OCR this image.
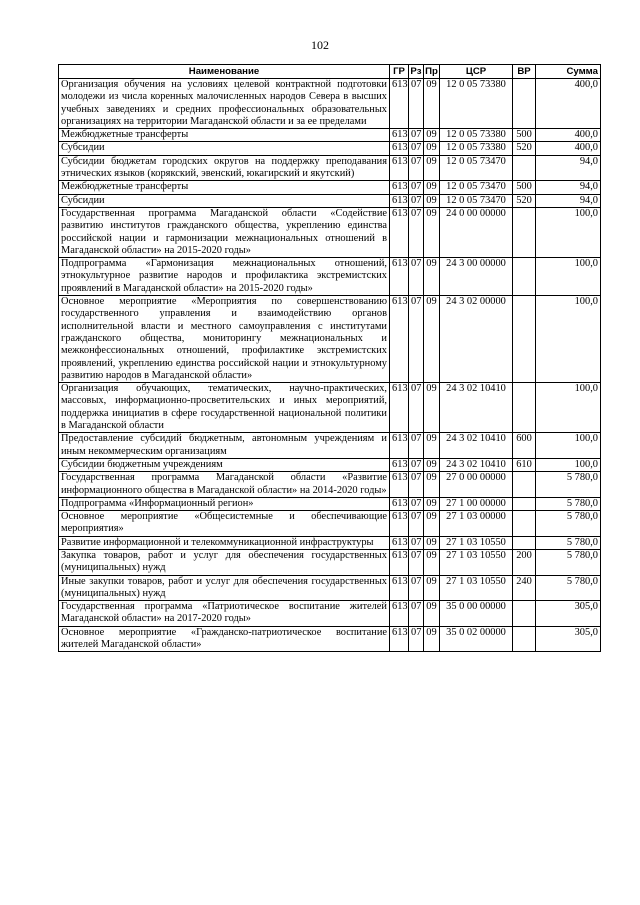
102
Наименование	ГР	Рз	Пр	ЦСР	ВР	Сумма
Организация обучения на условиях целевой контрактной подготовки молодежи из числа коренных малочисленных народов Севера в высших учебных заведениях и средних профессиональных образовательных организациях на территории Магаданской области и за ее пределами	613	07	09	12 0 05 73380		400,0
Межбюджетные трансферты	613	07	09	12 0 05 73380	500	400,0
Субсидии	613	07	09	12 0 05 73380	520	400,0
Субсидии бюджетам городских округов на поддержку преподавания этнических языков (корякский, эвенский, юкагирский и якутский)	613	07	09	12 0 05 73470		94,0
Межбюджетные трансферты	613	07	09	12 0 05 73470	500	94,0
Субсидии	613	07	09	12 0 05 73470	520	94,0
Государственная программа Магаданской области «Содействие развитию институтов гражданского общества, укреплению единства российской нации и гармонизации межнациональных отношений в Магаданской области» на 2015-2020 годы»	613	07	09	24 0 00 00000		100,0
Подпрограмма «Гармонизация межнациональных отношений, этнокультурное развитие народов и профилактика экстремистских проявлений в Магаданской области» на 2015-2020 годы»	613	07	09	24 3 00 00000		100,0
Основное мероприятие «Мероприятия по совершенствованию государственного управления и взаимодействию органов исполнительной власти и местного самоуправления с институтами гражданского общества, мониторингу межнациональных и межконфессиональных отношений, профилактике экстремистских проявлений, укреплению единства российской нации и этнокультурному развитию народов в Магаданской области»	613	07	09	24 3 02 00000		100,0
Организация обучающих, тематических, научно-практических, массовых, информационно-просветительских и иных мероприятий, поддержка инициатив в сфере государственной национальной политики в Магаданской области	613	07	09	24 3 02 10410		100,0
Предоставление субсидий бюджетным, автономным учреждениям и иным некоммерческим организациям	613	07	09	24 3 02 10410	600	100,0
Субсидии бюджетным учреждениям	613	07	09	24 3 02 10410	610	100,0
Государственная программа Магаданской области «Развитие информационного общества в Магаданской области» на 2014-2020 годы»	613	07	09	27 0 00 00000		5 780,0
Подпрограмма «Информационный регион»	613	07	09	27 1 00 00000		5 780,0
Основное мероприятие «Общесистемные и обеспечивающие мероприятия»	613	07	09	27 1 03 00000		5 780,0
Развитие информационной и телекоммуникационной инфраструктуры	613	07	09	27 1 03 10550		5 780,0
Закупка товаров, работ и услуг для обеспечения государственных (муниципальных) нужд	613	07	09	27 1 03 10550	200	5 780,0
Иные закупки товаров, работ и услуг для обеспечения государственных (муниципальных) нужд	613	07	09	27 1 03 10550	240	5 780,0
Государственная программа «Патриотическое воспитание жителей Магаданской области» на 2017-2020 годы»	613	07	09	35 0 00 00000		305,0
Основное мероприятие «Гражданско-патриотическое воспитание жителей Магаданской области»	613	07	09	35 0 02 00000		305,0
